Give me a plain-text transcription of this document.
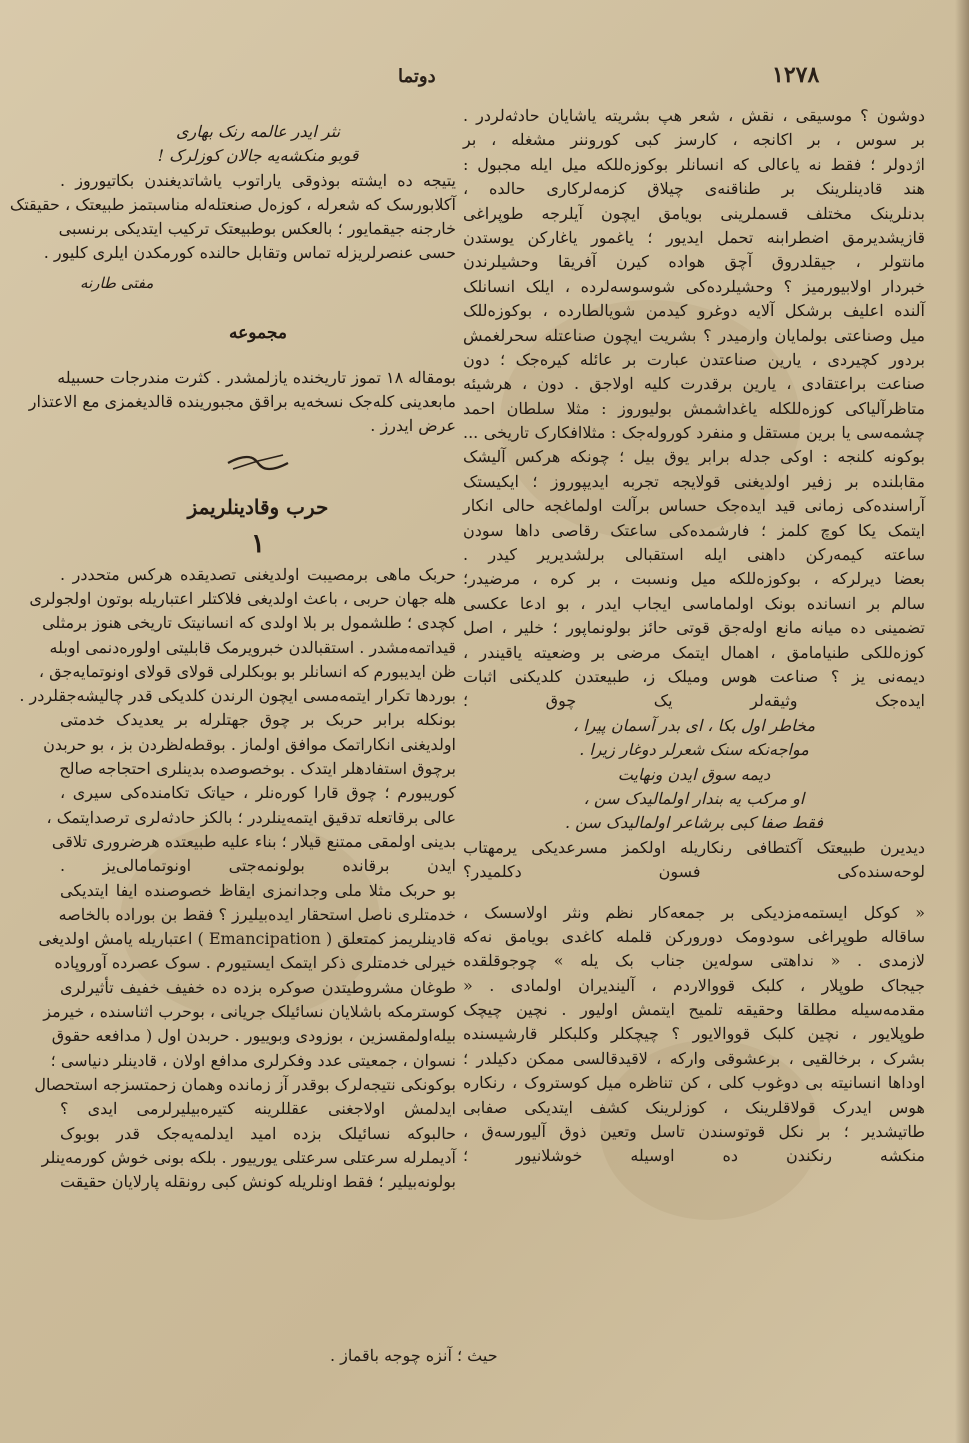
۱۲۷۸
دوتما
دوشون ؟ موسیقی ، نقش ، شعر هپ بشریته یاشایان حادثه‌لردر .
بر سوس ، بر اکانجه ، کارسز کبی کوروننر مشغله ، بر
اژدولر ؛ فقط نه یاعالی که انسانلر بوکوزه‌للکه میل ایله مجبول :
هند قادینلرینک بر طناقنه‌ی چیلاق کزمه‌لرکاری حالده ،
بدنلرینک مختلف قسملرینی بویامق ایچون آیلرجه طوپراغی
قازیشدیرمق اضطرابنه تحمل ایدیور ؛ یاغمور یاغارکن یوستدن
مانتولر ، جیقلدروق آچق هواده کیرن آفریقا وحشیلرندن
خبردار اولابیورمیز ؟ وحشیلرده‌کی شوسوسه‌لرده ، ایلک انسانلک
آلنده اعلیف برشکل آلایه دوغرو کیدمن شویالطارده ، بوکوزه‌للک
میل وصناعتی بولمایان وارمیدر ؟ بشریت ایچون صناعتله سحرلغمش
بردور کچیردی ، یارین صناعتدن عبارت بر عائله کیره‌جک ؛ دون
صناعت براعتقادی ، یارین برقدرت کلیه اولاجق . دون ، هرشیئه
متاظرآلیاکی کوزه‌للکله یاغداشمش بولیوروز : مثلا سلطان احمد
چشمه‌سی یا برین مستقل و منفرد کوروله‌جک : مثلاافکارک تاریخی ...
بوکونه کلنجه : اوکی جدله برابر یوق بیل ؛ چونکه هرکس آلیشک
مقابلنده بر زفیر اولدیغنی قولایجه تجربه ایدیپوروز ؛ ایکیستک
آراسنده‌کی زمانی قید ایده‌جک حساس برآلت اولماغجه حالی انکار
ایتمک یکا کوچ کلمز ؛ فارشمده‌کی ساعتک رقاصی داها سودن
ساعته کیمه‌رکن داهنی ایله استقبالی برلشدیریر کیدر .
بعضا دیرلرکه ، بوکوزه‌للکه میل ونسبت ، بر کره ، مرضیدر؛
سالم بر انسانده بونک اولماماسی ایجاب ایدر ، بو ادعا عکسی
تضمینی ده میانه مانع اوله‌جق قوتی حائز بولونماپور ؛ خلیر ، اصل
کوزه‌للکی طنیامامق ، اهمال ایتمک مرضی بر وضعیته یاقیندر ،
دیمه‌نی یز ؟ صناعت هوس ومیلک ز، طبیعتدن کلدیکنی اثبات
ایده‌جک وثیقه‌لر یک چوق ؛
مخاطر اول بکا ، ای بدر آسمان پیرا ،
مواجه‌نکه سنک شعرلر دوغار زیرا .
دیمه سوق ایدن ونهایت
او مرکب یه بندار اولمالیدک سن ،
فقط صفا کبی برشاعر اولمالیدک سن .
دیدیرن طبیعتک آکتطافی رنکاریله اولکمز مسرعدیکی یرمهتاب
لوحه‌سنده‌کی فسون دکلمیدر؟
« کوکل ایستمه‌مزدیکی بر جمعه‌کار نظم ونثر اولاسسک ،
ساقاله طوپراغی سودومک دورورکن قلمله کاغدی بویامق نه‌که
لازمدی . « نداهتی سوله‌ین جناب بک یله » چوجوقلقده
جیجاک طوپلار ، کلبک قووالاردم ، آلیندیران اولمادی . «
مقدمه‌سیله مطلقا وحقیقه تلمیح ایتمش اولیور . نچین چیچک
طوپلایور ، نچین کلبک قووالایور ؟ چیچکلر وکلبکلر قارشیسنده
بشرک ، برخالقیی ، برعشوقی وارکه ، لاقیدقالسی ممکن دکیلدر ؛
اوداها انسانیته بی دوغوب کلی ، کن تناظره میل کوستروک ، رنکاره
هوس ایدرک قولاقلرینک ، کوزلرینک کشف ایتدیکی صفابی
طاتیشدیر ؛ بر نکل قوتوسندن تاسل وتعین ذوق آلیورسه‌ق ،
منکشه رنکندن ده اوسیله خوشلانیور ؛
نثر ایدر عالمه رنک بهاری
قوبو منکشه‌یه جالان کوزلرک !
یتیجه ده ایشته بوذوقی یاراتوب یاشاتدیغندن بکاتیوروز .
آکلابورسک که شعرله ، کوزه‌ل صنعتله‌له مناسبتمز طبیعتک ، حقیقتک
خارجنه جیقمایور ؛ بالعکس بوطبیعتک ترکیب ایتدیکی برنسبی
حسی عنصرلریزله تماس وتقابل حالنده کورمکدن ایلری کلیور .
مفتی طارنه
مجموعه
بومقاله ۱۸ تموز تاریخنده یازلمشدر . کثرت مندرجات حسبیله
مابعدینی کله‌جک نسخه‌یه براقق مجبورینده قالدیغمزی مع الاعتذار
عرض ایدرز .
حرب وقادینلریمز
۱
حربک ماهی برمصیبت اولدیغنی تصدیقده هرکس متحددر .
هله جهان حربی ، باعث اولدیغی فلاکتلر اعتباریله بوتون اولجولری
کچدی ؛ طلشمول بر بلا اولدی که انسانیتک تاریخی هنوز برمثلی
قیداتمه‌مشدر . استقبالدن خبرویرمک قابلیتی اولوره‌دنمی اوبله
ظن ایدیبورم که انسانلر بو بوبکلرلی قولای قولای اونوتمایه‌جق ،
بوردها تکرار ایتمه‌مسی ایچون الرندن کلدیکی قدر چالیشه‌جقلردر .
بونکله برابر حربک بر چوق جهتلرله بر یعدیدک خدمتی
اولدیغنی انکاراتمک موافق اولماز . بوقطه‌لظردن بز ، بو حربدن
برچوق استفادهلر ایتدک . بوخصوصده بدینلری احتجاجه صالح
کوریبورم ؛ چوق قارا کوره‌نلر ، حیاتک تکامنده‌کی سیری ،
عالی برقاتعله تدقیق ایتمه‌ینلردر ؛ بالکز حادثه‌لری ترصدایتمک ،
بدینی اولمقی ممتنع قیلار ؛ بناء علیه طبیعتده هرضروری تلاقی
ایدن برقانده بولونمه‌جتی اونوتمامالی‌یز .
بو حربک مثلا ملی وجدانمزی ایقاظ خصوصنده ایفا ایتدیکی
خدمتلری ناصل استحقار ایده‌بیلیرز ؟ فقط بن بوراده بالخاصه
قادینلریمز کمتعلق ( Emancipation ) اعتباریله یامش اولدیغی
خیرلی خدمتلری ذکر ایتمک ایستیورم . سوک عصرده آوروپاده
طوغان مشروطیتدن صوکره بزده ده خفیف خفیف تأثیرلری
کوسترمکه باشلایان نسائیلک جریانی ، بوحرب اثناسنده ، خیرمز
بیله‌اولمقسزین ، بوزودی وبوییور . حربدن اول ( مدافعه حقوق
نسوان ، جمعیتی عدد وفکرلری مدافع اولان ، قادینلر دنیاسی ؛
بوکونکی نتیجه‌لرک بوقدر آز زمانده وهمان زحمتسزجه استحصال
ایدلمش اولاجغنی عقللرینه کتیره‌بیلیرلرمی ایدی ؟
حالبوکه نسائیلک بزده امید ایدلمه‌یه‌جک قدر بوبوک
آدیملرله سرعتلی سرعتلی یورییور . بلکه بونی خوش کورمه‌ینلر
بولونه‌بیلیر ؛ فقط اونلریله کونش کبی رونقله پارلایان حقیقت
حیث ؛ آنزه چوجه باقماز .
